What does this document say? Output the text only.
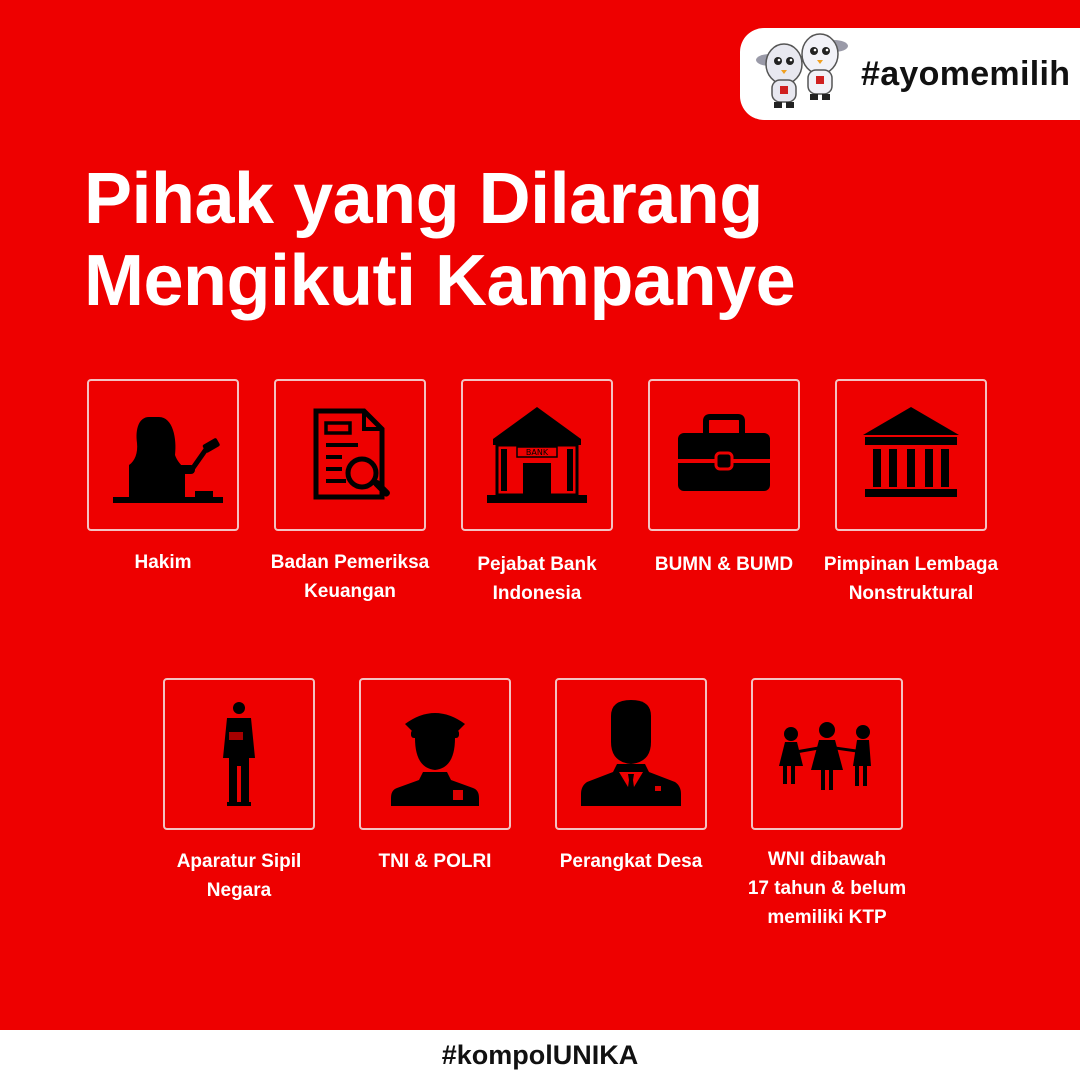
#ayomemilih
Pihak yang Dilarang
Mengikuti Kampanye
Hakim	Badan Pemeriksa
Keuangan
BANK
Pejabat Bank
Indonesia
BUMN & BUMD	Pimpinan Lembaga
Nonstruktural
Aparatur Sipil
Negara
TNI & POLRI	Perangkat Desa	WNI dibawah
17 tahun & belum
memiliki KTP
#kompolUNIKA
